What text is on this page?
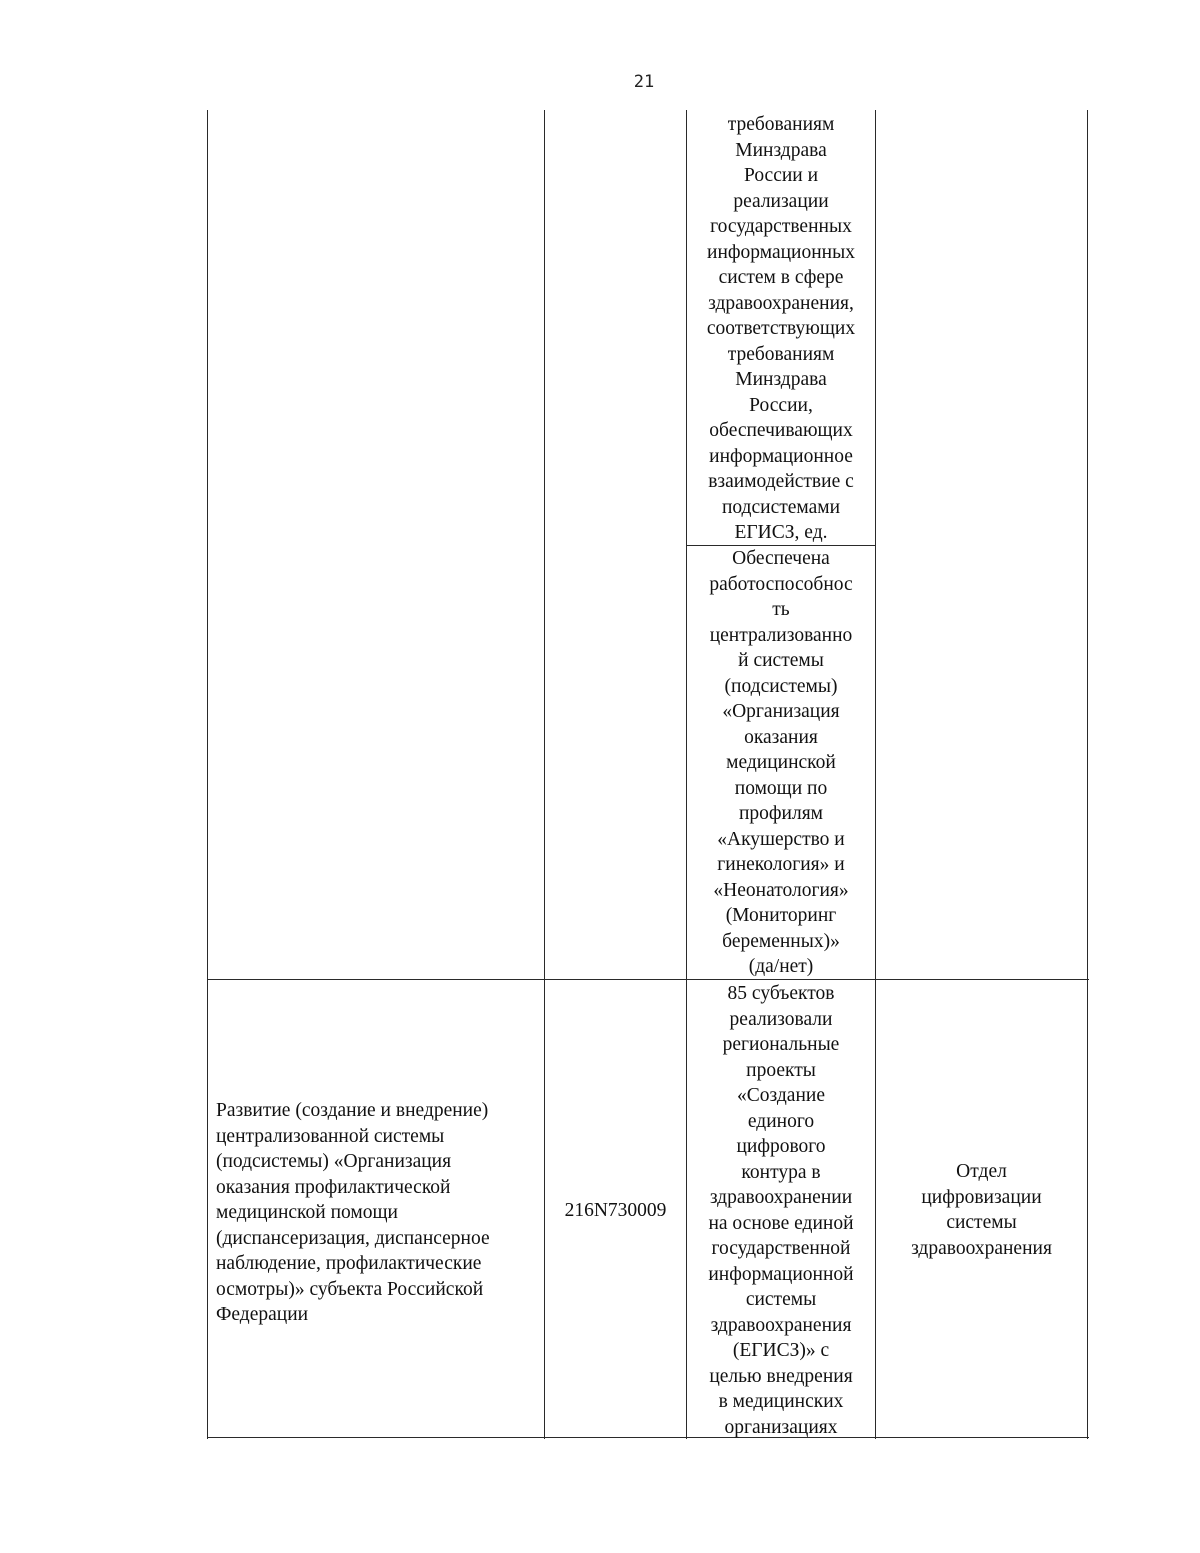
21

требованиям
Минздрава
России и
реализации
государственных
информационных
систем в сфере
здравоохранения,
соответствующих
требованиям
Минздрава
России,
обеспечивающих
информационное
взаимодействие с
подсистемами
ЕГИСЗ, ед.

Обеспечена
работоспособнос
ть
централизованно
й системы
(подсистемы)
«Организация
оказания
медицинской
помощи по
профилям
«Акушерство и
гинекология» и
«Неонатология»
(Мониторинг
беременных)»
(да/нет)

Развитие (создание и внедрение)
централизованной системы
(подсистемы) «Организация
оказания профилактической
медицинской помощи
(диспансеризация, диспансерное
наблюдение, профилактические
осмотры)» субъекта Российской
Федерации

216N730009

85 субъектов
реализовали
региональные
проекты
«Создание
единого
цифрового
контура в
здравоохранении
на основе единой
государственной
информационной
системы
здравоохранения
(ЕГИСЗ)» с
целью внедрения
в медицинских
организациях

Отдел
цифровизации
системы
здравоохранения
